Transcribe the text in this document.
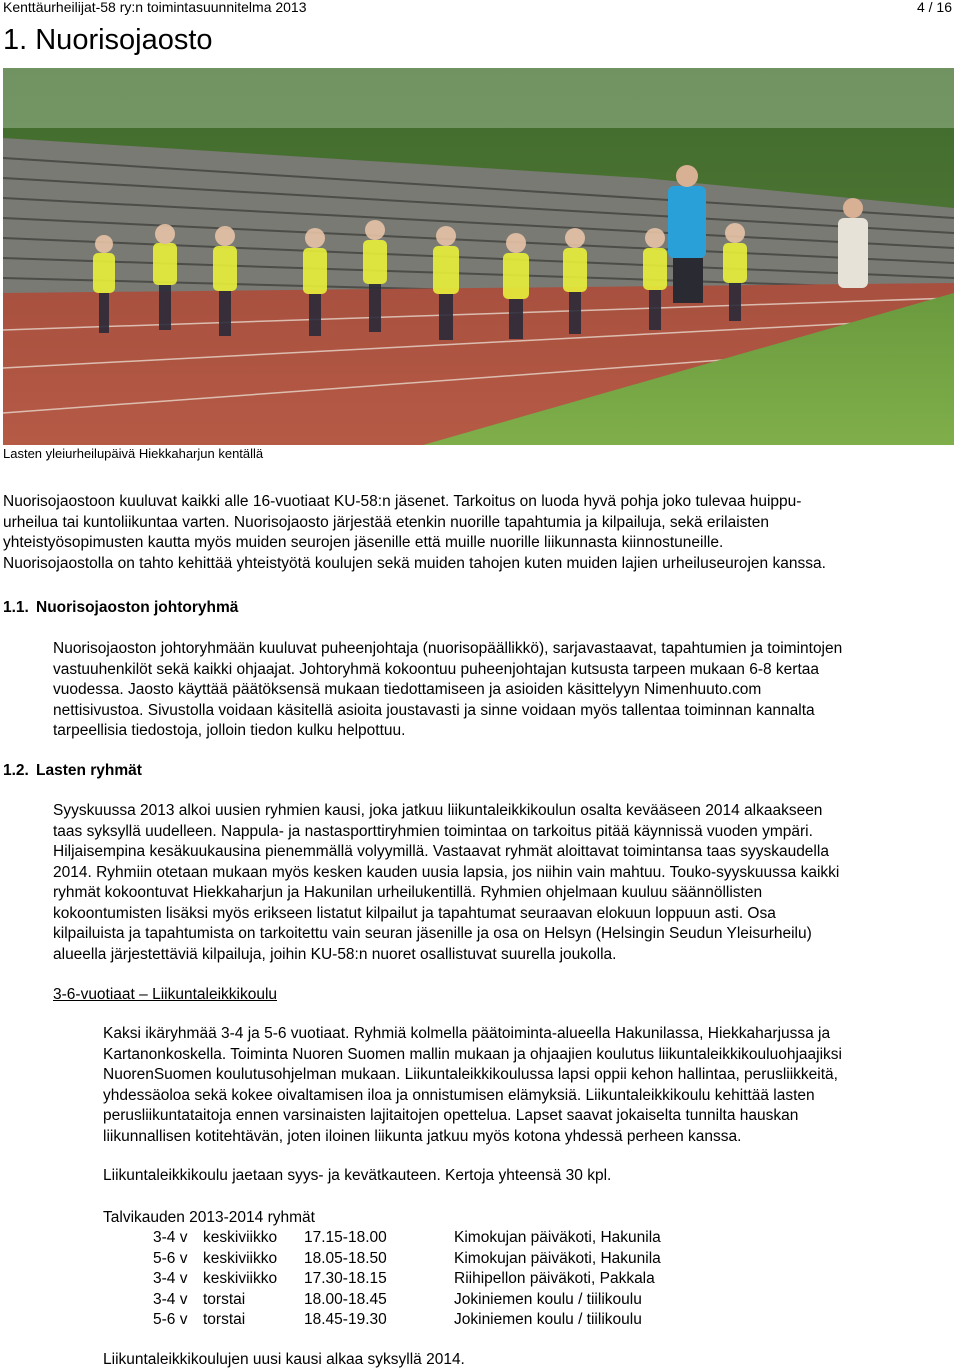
Kenttäurheilijat-58 ry:n toimintasuunnitelma 2013	4 / 16
1. Nuorisojaosto
Lasten yleiurheilupäivä Hiekkaharjun kentällä
Nuorisojaostoon kuuluvat kaikki alle 16-vuotiaat KU-58:n jäsenet. Tarkoitus on luoda hyvä pohja joko tulevaa huippu-
urheilua tai kuntoliikuntaa varten. Nuorisojaosto järjestää etenkin nuorille tapahtumia ja kilpailuja, sekä erilaisten
yhteistyösopimusten kautta myös muiden seurojen jäsenille että muille nuorille liikunnasta kiinnostuneille.
Nuorisojaostolla on tahto kehittää yhteistyötä koulujen sekä muiden tahojen kuten muiden lajien urheiluseurojen kanssa.
1.1. Nuorisojaoston johtoryhmä
Nuorisojaoston johtoryhmään kuuluvat puheenjohtaja (nuorisopäällikkö), sarjavastaavat, tapahtumien ja toimintojen
vastuuhenkilöt sekä kaikki ohjaajat. Johtoryhmä kokoontuu puheenjohtajan kutsusta tarpeen mukaan 6-8 kertaa
vuodessa. Jaosto käyttää päätöksensä mukaan tiedottamiseen ja asioiden käsittelyyn Nimenhuuto.com
nettisivustoa. Sivustolla voidaan käsitellä asioita joustavasti ja sinne voidaan myös tallentaa toiminnan kannalta
tarpeellisia tiedostoja, jolloin tiedon kulku helpottuu.
1.2. Lasten ryhmät
Syyskuussa 2013 alkoi uusien ryhmien kausi, joka jatkuu liikuntaleikkikoulun osalta kevääseen 2014 alkaakseen
taas syksyllä uudelleen. Nappula- ja nastasporttiryhmien toimintaa on tarkoitus pitää käynnissä vuoden ympäri.
Hiljaisempina kesäkuukausina pienemmällä volyymillä. Vastaavat ryhmät aloittavat toimintansa taas syyskaudella
2014. Ryhmiin otetaan mukaan myös kesken kauden uusia lapsia, jos niihin vain mahtuu. Touko-syyskuussa kaikki
ryhmät kokoontuvat Hiekkaharjun ja Hakunilan urheilukentillä. Ryhmien ohjelmaan kuuluu säännöllisten
kokoontumisten lisäksi myös erikseen listatut kilpailut ja tapahtumat seuraavan elokuun loppuun asti. Osa
kilpailuista ja tapahtumista on tarkoitettu vain seuran jäsenille ja osa on Helsyn (Helsingin Seudun Yleisurheilu)
alueella järjestettäviä kilpailuja, joihin KU-58:n nuoret osallistuvat suurella joukolla.
3-6-vuotiaat – Liikuntaleikkikoulu
Kaksi ikäryhmää 3-4 ja 5-6 vuotiaat. Ryhmiä kolmella päätoiminta-alueella Hakunilassa, Hiekkaharjussa ja
Kartanonkoskella. Toiminta Nuoren Suomen mallin mukaan ja ohjaajien koulutus liikuntaleikkikouluohjaajiksi
NuorenSuomen koulutusohjelman mukaan. Liikuntaleikkikoulussa lapsi oppii kehon hallintaa, perusliikkeitä,
yhdessäoloa sekä kokee oivaltamisen iloa ja onnistumisen elämyksiä. Liikuntaleikkikoulu kehittää lasten
perusliikuntataitoja ennen varsinaisten lajitaitojen opettelua. Lapset saavat jokaiselta tunnilta hauskan
liikunnallisen kotitehtävän, joten iloinen liikunta jatkuu myös kotona yhdessä perheen kanssa.
Liikuntaleikkikoulu jaetaan syys- ja kevätkauteen. Kertoja yhteensä 30 kpl.
Talvikauden 2013-2014 ryhmät
3-4 v keskiviikko 17.15-18.00	Kimokujan päiväkoti, Hakunila
5-6 v keskiviikko 18.05-18.50	Kimokujan päiväkoti, Hakunila
3-4 v keskiviikko 17.30-18.15	Riihipellon päiväkoti, Pakkala
3-4 v torstai	18.00-18.45	Jokiniemen koulu / tiilikoulu
5-6 v torstai	18.45-19.30	Jokiniemen koulu / tiilikoulu
Liikuntaleikkikoulujen uusi kausi alkaa syksyllä 2014.
